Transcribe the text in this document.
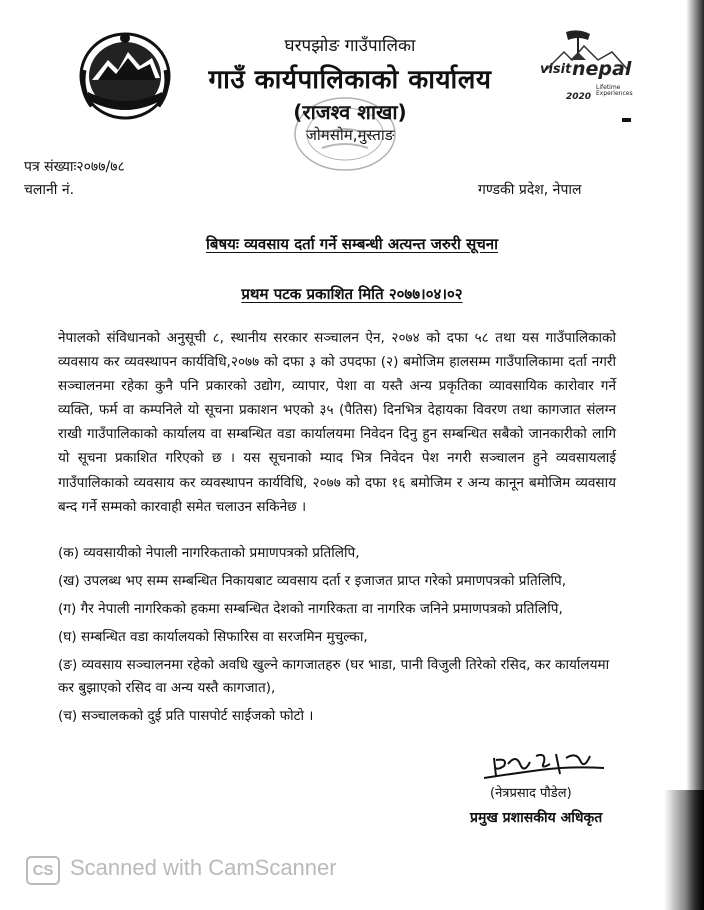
घरपझोङ गाउँपालिका
गाउँ कार्यपालिकाको कार्यालय
(राजश्व शाखा)
जोमसोम,मुस्ताङ
visit nepal
Lifetime
Experiences
2020
पत्र संख्याः२०७७/७८
चलानी नं.	गण्डकी प्रदेश, नेपाल
बिषयः व्यवसाय दर्ता गर्ने सम्बन्धी अत्यन्त जरुरी सूचना
प्रथम पटक प्रकाशित मिति २०७७।०४।०२
नेपालको संविधानको अनुसूची ८, स्थानीय सरकार सञ्चालन ऐन, २०७४ को दफा ५८ तथा यस गाउँपालिकाको व्यवसाय कर व्यवस्थापन कार्यविधि,२०७७ को दफा ३ को उपदफा (२) बमोजिम हालसम्म गाउँपालिकामा दर्ता नगरी सञ्चालनमा रहेका कुनै पनि प्रकारको उद्योग, व्यापार, पेशा वा यस्तै अन्य प्रकृतिका व्यावसायिक कारोवार गर्ने व्यक्ति, फर्म वा कम्पनिले यो सूचना प्रकाशन भएको ३५ (पैतिस) दिनभित्र देहायका विवरण तथा कागजात संलग्न राखी गाउँपालिकाको कार्यालय वा सम्बन्धित वडा कार्यालयमा निवेदन दिनु हुन सम्बन्धित सबैको जानकारीको लागि यो सूचना प्रकाशित गरिएको छ । यस सूचनाको म्याद भित्र निवेदन पेश नगरी सञ्चालन हुने व्यवसायलाई गाउँपालिकाको व्यवसाय कर व्यवस्थापन कार्यविधि, २०७७ को दफा १६ बमोजिम र अन्य कानून बमोजिम व्यवसाय बन्द गर्ने सम्मको कारवाही समेत चलाउन सकिनेछ ।
(क) व्यवसायीको नेपाली नागरिकताको प्रमाणपत्रको प्रतिलिपि,
(ख) उपलब्ध भए सम्म सम्बन्धित निकायबाट व्यवसाय दर्ता र इजाजत प्राप्त गरेको प्रमाणपत्रको प्रतिलिपि,
(ग) गैर नेपाली नागरिकको हकमा सम्बन्धित देशको नागरिकता वा नागरिक जनिने प्रमाणपत्रको प्रतिलिपि,
(घ) सम्बन्धित वडा कार्यालयको सिफारिस वा सरजमिन मुचुल्का,
(ङ) व्यवसाय सञ्चालनमा रहेको अवधि खुल्ने कागजातहरु (घर भाडा, पानी विजुली तिरेको रसिद, कर कार्यालयमा कर बुझाएको रसिद वा अन्य यस्तै कागजात),
(च) सञ्चालकको दुई प्रति पासपोर्ट साईजको फोटो ।
(नेत्रप्रसाद पौडेल)
प्रमुख प्रशासकीय अधिकृत
CS Scanned with CamScanner
